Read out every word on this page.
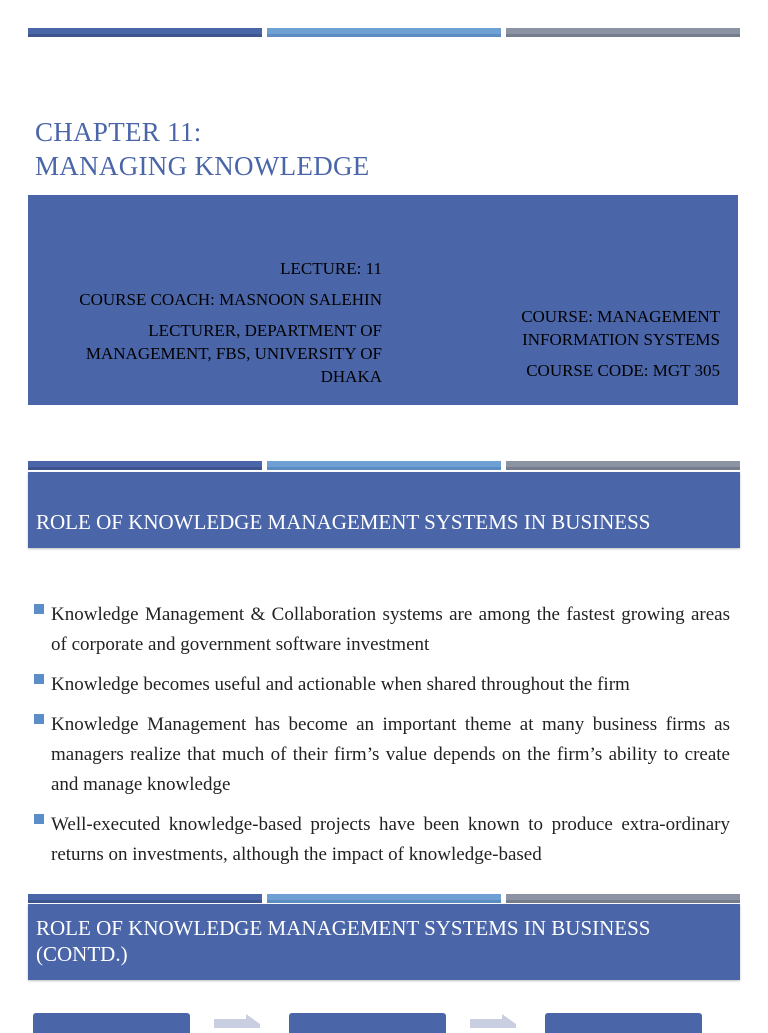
CHAPTER 11:
MANAGING KNOWLEDGE

LECTURE: 11

COURSE COACH: MASNOON SALEHIN

LECTURER, DEPARTMENT OF MANAGEMENT, FBS, UNIVERSITY OF DHAKA

COURSE: MANAGEMENT INFORMATION SYSTEMS

COURSE CODE: MGT 305

ROLE OF KNOWLEDGE MANAGEMENT SYSTEMS IN BUSINESS
Knowledge Management & Collaboration systems are among the fastest growing areas of corporate and government software investment
Knowledge becomes useful and actionable when shared throughout the firm
Knowledge Management has become an important theme at many business firms as managers realize that much of their firm’s value depends on the firm’s ability to create and manage knowledge
Well-executed knowledge-based projects have been known to produce extra-ordinary returns on investments, although the impact of knowledge-based
ROLE OF KNOWLEDGE MANAGEMENT SYSTEMS IN BUSINESS (CONTD.)
